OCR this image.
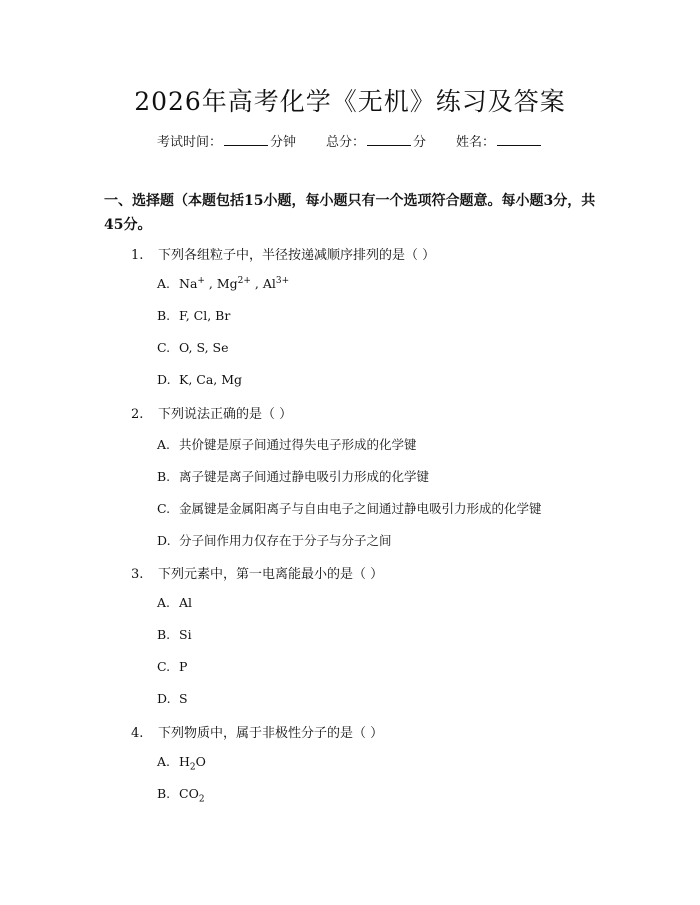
2026年高考化学《无机》练习及答案
考试时间：	分钟 总分：	分 姓名：

一、选择题（本题包括15小题，每小题只有一个选项符合题意。每小题3分，共45分。

1. 下列各组粒子中，半径按递减顺序排列的是（ ）
A. Na+ , $Mg^{2+}$ , $Al^{3+}$
B. F, Cl, Br
C. O, S, Se
D. K, Ca, Mg
2. 下列说法正确的是（ ）
A. 共价键是原子间通过得失电子形成的化学键
B. 离子键是离子间通过静电吸引力形成的化学键
C. 金属键是金属阳离子与自由电子之间通过静电吸引力形成的化学键
D. 分子间作用力仅存在于分子与分子之间
3. 下列元素中，第一电离能最小的是（ ）
A. Al
B. Si
C. P
D. S
4. 下列物质中，属于非极性分子的是（ ）
A. $H_2O$
B. $CO_2$
